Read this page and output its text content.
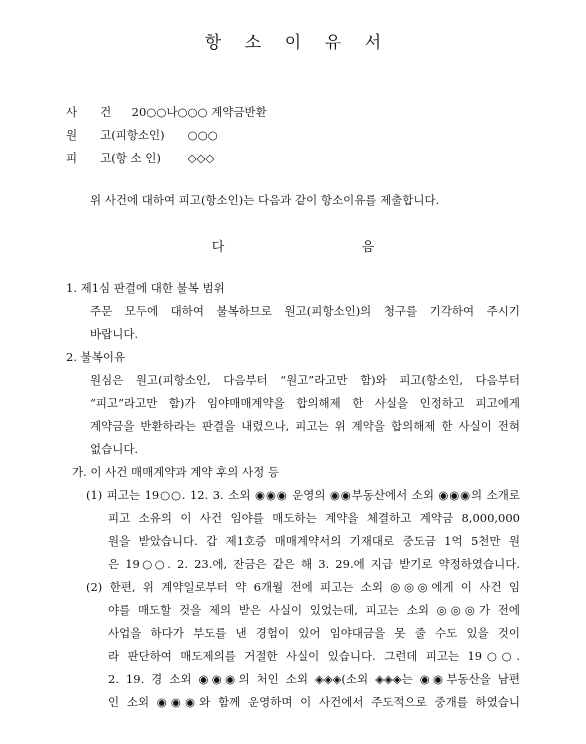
항 소 이 유 서
사　　건 20○○나○○○ 계약금반환
원　　고(피항소인) ○○○
피　　고(항 소 인) ◇◇◇
위 사건에 대하여 피고(항소인)는 다음과 같이 항소이유를 제출합니다.
다	음
1. 제1심 판결에 대한 불복 범위
주문 모두에 대하여 불복하므로 원고(피항소인)의 청구를 기각하여 주시기
바랍니다.
2. 불복이유
원심은 원고(피항소인, 다음부터 “원고”라고만 함)와 피고(항소인, 다음부터
“피고”라고만 함)가 임야매매계약을 합의해제 한 사실을 인정하고 피고에게
계약금을 반환하라는 판결을 내렸으나, 피고는 위 계약을 합의해제 한 사실이 전혀
없습니다.
가. 이 사건 매매계약과 계약 후의 사정 등
(1) 피고는 19○○. 12. 3. 소외 ◉◉◉ 운영의 ◉◉부동산에서 소외 ◉◉◉의 소개로
피고 소유의 이 사건 임야를 매도하는 계약을 체결하고 계약금 8,000,000
원을 받았습니다. 갑 제1호증 매매계약서의 기재대로 중도금 1억 5천만 원
은 19○○. 2. 23.에, 잔금은 같은 해 3. 29.에 지급 받기로 약정하였습니다.
(2) 한편, 위 계약일로부터 약 6개월 전에 피고는 소외 ◎◎◎에게 이 사건 임
야를 매도할 것을 제의 받은 사실이 있었는데, 피고는 소외 ◎◎◎가 전에
사업을 하다가 부도를 낸 경험이 있어 임야대금을 못 줄 수도 있을 것이
라 판단하여 매도제의를 거절한 사실이 있습니다. 그런데 피고는 19○○.
2. 19. 경 소외 ◉◉◉의 처인 소외 ◈◈◈(소외 ◈◈◈는 ◉◉부동산을 남편
인 소외 ◉◉◉와 함께 운영하며 이 사건에서 주도적으로 중개를 하였습니
